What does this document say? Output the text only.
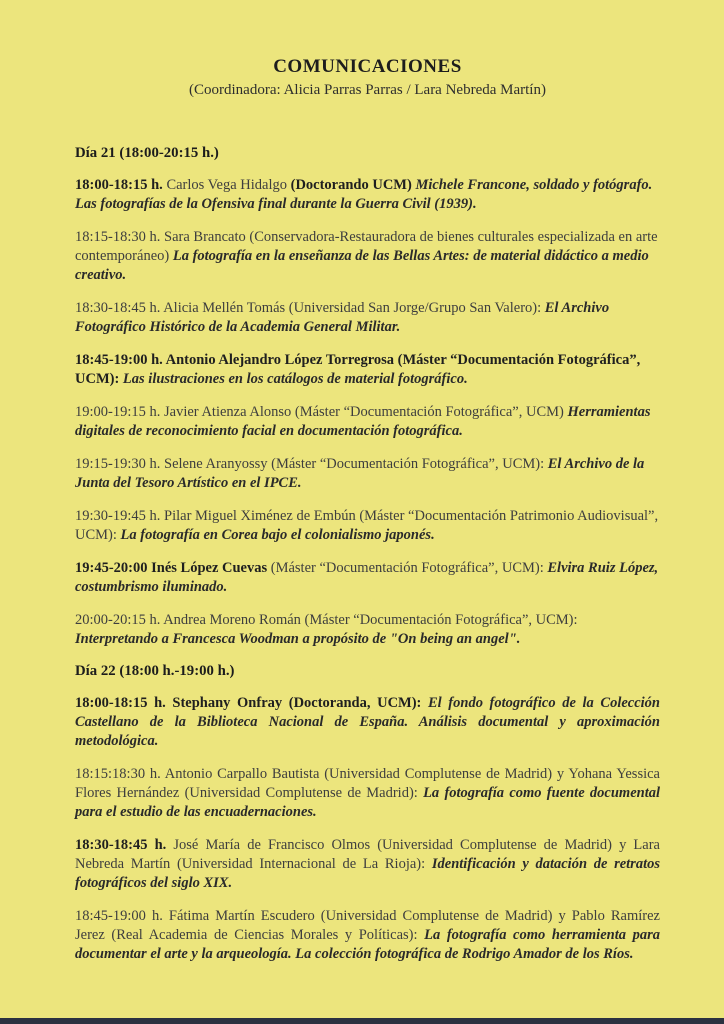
COMUNICACIONES
(Coordinadora: Alicia Parras Parras / Lara Nebreda Martín)
Día 21 (18:00-20:15 h.)

18:00-18:15 h. Carlos Vega Hidalgo (Doctorando UCM) Michele Francone, soldado y fotógrafo. Las fotografías de la Ofensiva final durante la Guerra Civil (1939).

18:15-18:30 h. Sara Brancato (Conservadora-Restauradora de bienes culturales especializada en arte contemporáneo) La fotografía en la enseñanza de las Bellas Artes: de material didáctico a medio creativo.

18:30-18:45 h. Alicia Mellén Tomás (Universidad San Jorge/Grupo San Valero): El Archivo Fotográfico Histórico de la Academia General Militar.

18:45-19:00 h. Antonio Alejandro López Torregrosa (Máster “Documentación Fotográfica”, UCM): Las ilustraciones en los catálogos de material fotográfico.

19:00-19:15 h. Javier Atienza Alonso (Máster “Documentación Fotográfica”, UCM) Herramientas digitales de reconocimiento facial en documentación fotográfica.

19:15-19:30 h. Selene Aranyossy (Máster “Documentación Fotográfica”, UCM): El Archivo de la Junta del Tesoro Artístico en el IPCE.

19:30-19:45 h. Pilar Miguel Ximénez de Embún (Máster “Documentación Patrimonio Audiovisual”, UCM): La fotografía en Corea bajo el colonialismo japonés.

19:45-20:00 Inés López Cuevas (Máster “Documentación Fotográfica”, UCM): Elvira Ruiz López, costumbrismo iluminado.

20:00-20:15 h. Andrea Moreno Román (Máster “Documentación Fotográfica”, UCM): Interpretando a Francesca Woodman a propósito de "On being an angel".

Día 22 (18:00 h.-19:00 h.)

18:00-18:15 h. Stephany Onfray (Doctoranda, UCM): El fondo fotográfico de la Colección Castellano de la Biblioteca Nacional de España. Análisis documental y aproximación metodológica.

18:15:18:30 h. Antonio Carpallo Bautista (Universidad Complutense de Madrid) y Yohana Yessica Flores Hernández (Universidad Complutense de Madrid): La fotografía como fuente documental para el estudio de las encuadernaciones.

18:30-18:45 h. José María de Francisco Olmos (Universidad Complutense de Madrid) y Lara Nebreda Martín (Universidad Internacional de La Rioja): Identificación y datación de retratos fotográficos del siglo XIX.

18:45-19:00 h. Fátima Martín Escudero (Universidad Complutense de Madrid) y Pablo Ramírez Jerez (Real Academia de Ciencias Morales y Políticas): La fotografía como herramienta para documentar el arte y la arqueología. La colección fotográfica de Rodrigo Amador de los Ríos.
